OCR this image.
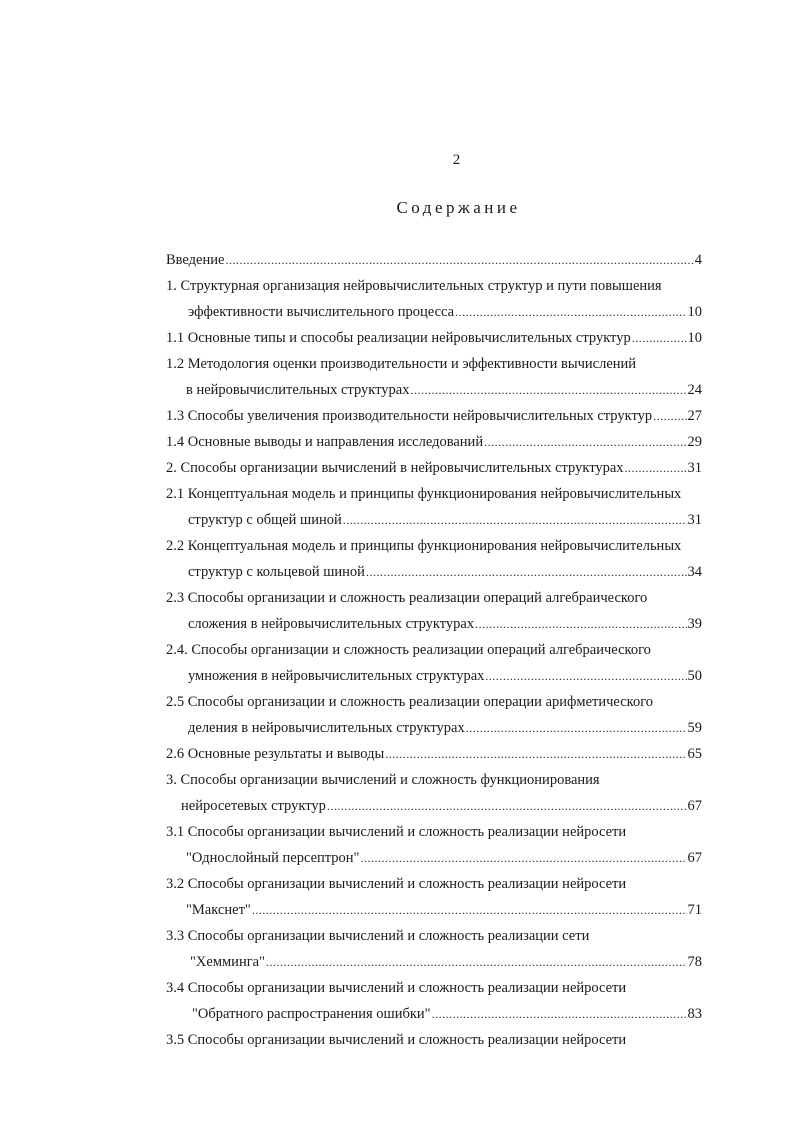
2
Содержание
Введение .....	4
1. Структурная организация нейровычислительных структур и пути повышения
эффективности вычислительного процесса .....	10
1.1 Основные типы и способы реализации нейровычислительных структур .....	10
1.2 Методология оценки производительности и эффективности вычислений
в нейровычислительных структурах .....	24
1.3 Способы увеличения производительности нейровычислительных структур ..... 27
1.4 Основные выводы и направления исследований .....	29
2. Способы организации вычислений в нейровычислительных структурах .....	31
2.1 Концептуальная модель и принципы функционирования нейровычислительных
структур с общей шиной .....	31
2.2 Концептуальная модель и принципы функционирования нейровычислительных
структур с кольцевой шиной .....	34
2.3 Способы организации и сложность реализации операций алгебраического
сложения в нейровычислительных структурах .....	39
2.4. Способы организации и сложность реализации операций алгебраического
умножения в нейровычислительных структурах .....	50
2.5 Способы организации и сложность реализации операции арифметического
деления в нейровычислительных структурах .....	59
2.6 Основные результаты и выводы .....	65
3. Способы организации вычислений и сложность функционирования
нейросетевых структур .....	67
3.1 Способы организации вычислений и сложность реализации нейросети
"Однослойный персептрон" .....	67
3.2 Способы организации вычислений и сложность реализации нейросети
"Макснет" .....	71
3.3 Способы организации вычислений и сложность реализации сети
"Хемминга" .....	78
3.4 Способы организации вычислений и сложность реализации нейросети
"Обратного распространения ошибки" .....	83
3.5 Способы организации вычислений и сложность реализации нейросети
